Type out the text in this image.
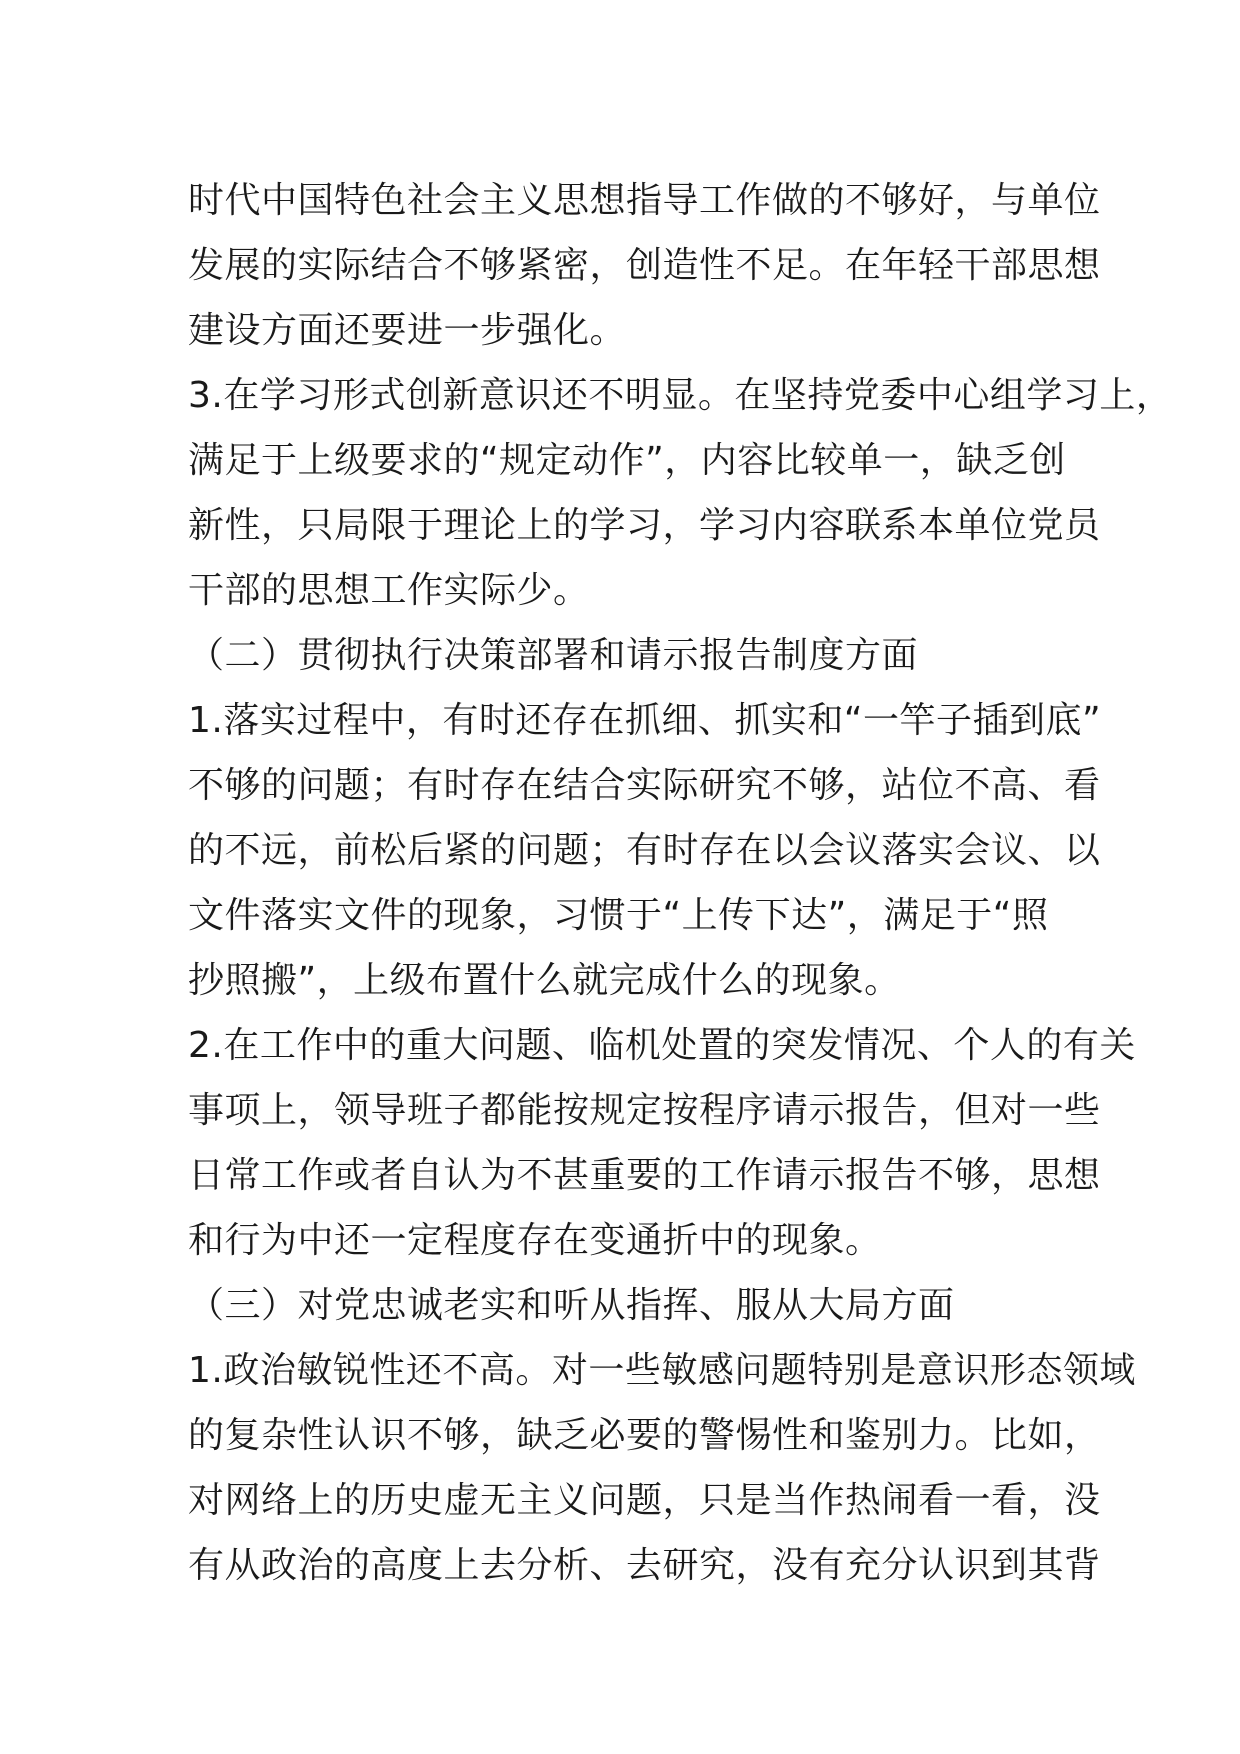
时代中国特色社会主义思想指导工作做的不够好，与单位
发展的实际结合不够紧密，创造性不足。在年轻干部思想
建设方面还要进一步强化。
3.在学习形式创新意识还不明显。在坚持党委中心组学习上，
满足于上级要求的“规定动作”，内容比较单一，缺乏创
新性，只局限于理论上的学习，学习内容联系本单位党员
干部的思想工作实际少。
（二）贯彻执行决策部署和请示报告制度方面
1.落实过程中，有时还存在抓细、抓实和“一竿子插到底”
不够的问题；有时存在结合实际研究不够，站位不高、看
的不远，前松后紧的问题；有时存在以会议落实会议、以
文件落实文件的现象，习惯于“上传下达”，满足于“照
抄照搬”，上级布置什么就完成什么的现象。
2.在工作中的重大问题、临机处置的突发情况、个人的有关
事项上，领导班子都能按规定按程序请示报告，但对一些
日常工作或者自认为不甚重要的工作请示报告不够，思想
和行为中还一定程度存在变通折中的现象。
（三）对党忠诚老实和听从指挥、服从大局方面
1.政治敏锐性还不高。对一些敏感问题特别是意识形态领域
的复杂性认识不够，缺乏必要的警惕性和鉴别力。比如，
对网络上的历史虚无主义问题，只是当作热闹看一看，没
有从政治的高度上去分析、去研究，没有充分认识到其背
